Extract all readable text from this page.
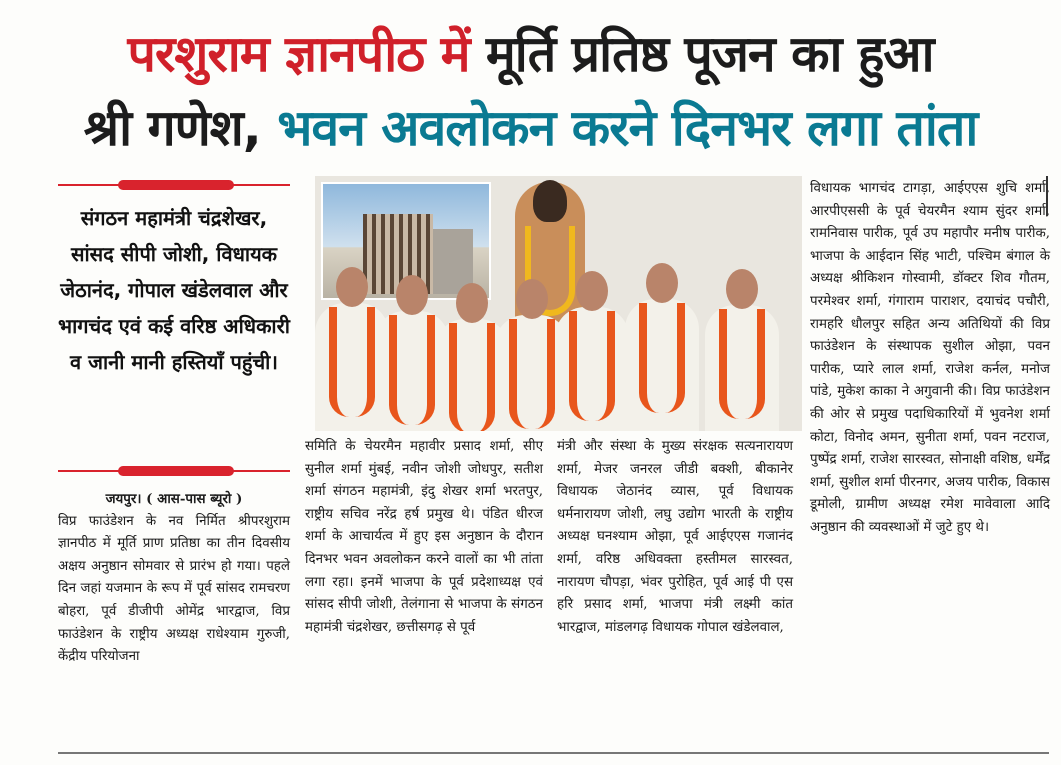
परशुराम ज्ञानपीठ में मूर्ति प्रतिष्ठ पूजन का हुआ
श्री गणेश, भवन अवलोकन करने दिनभर लगा तांता
संगठन महामंत्री चंद्रशेखर, सांसद सीपी जोशी, विधायक जेठानंद, गोपाल खंडेलवाल और भागचंद एवं कई वरिष्ठ अधिकारी व जानी मानी हस्तियाँ पहुंची।
जयपुर। ( आस-पास ब्यूरो )
विप्र फाउंडेशन के नव निर्मित श्रीपरशुराम ज्ञानपीठ में मूर्ति प्राण प्रतिष्ठा का तीन दिवसीय अक्षय अनुष्ठान सोमवार से प्रारंभ हो गया। पहले दिन जहां यजमान के रूप में पूर्व सांसद रामचरण बोहरा, पूर्व डीजीपी ओमेंद्र भारद्वाज, विप्र फाउंडेशन के राष्ट्रीय अध्यक्ष राधेश्याम गुरुजी, केंद्रीय परियोजना
समिति के चेयरमैन महावीर प्रसाद शर्मा, सीए सुनील शर्मा मुंबई, नवीन जोशी जोधपुर, सतीश शर्मा संगठन महामंत्री, इंदु शेखर शर्मा भरतपुर, राष्ट्रीय सचिव नरेंद्र हर्ष प्रमुख थे। पंडित धीरज शर्मा के आचार्यत्व में हुए इस अनुष्ठान के दौरान दिनभर भवन अवलोकन करने वालों का भी तांता लगा रहा। इनमें भाजपा के पूर्व प्रदेशाध्यक्ष एवं सांसद सीपी जोशी, तेलंगाना से भाजपा के संगठन महामंत्री चंद्रशेखर, छत्तीसगढ़ से पूर्व
मंत्री और संस्था के मुख्य संरक्षक सत्यनारायण शर्मा, मेजर जनरल जीडी बक्शी, बीकानेर विधायक जेठानंद व्यास, पूर्व विधायक धर्मनारायण जोशी, लघु उद्योग भारती के राष्ट्रीय अध्यक्ष घनश्याम ओझा, पूर्व आईएएस गजानंद शर्मा, वरिष्ठ अधिवक्ता हस्तीमल सारस्वत, नारायण चौपड़ा, भंवर पुरोहित, पूर्व आई पी एस हरि प्रसाद शर्मा, भाजपा मंत्री लक्ष्मी कांत भारद्वाज, मांडलगढ़ विधायक गोपाल खंडेलवाल,
विधायक भागचंद टागड़ा, आईएएस शुचि शर्मा, आरपीएससी के पूर्व चेयरमैन श्याम सुंदर शर्मा, रामनिवास पारीक, पूर्व उप महापौर मनीष पारीक, भाजपा के आईदान सिंह भाटी, पश्चिम बंगाल के अध्यक्ष श्रीकिशन गोस्वामी, डॉक्टर शिव गौतम, परमेश्वर शर्मा, गंगाराम पाराशर, दयाचंद पचौरी, रामहरि धौलपुर सहित अन्य अतिथियों की विप्र फाउंडेशन के संस्थापक सुशील ओझा, पवन पारीक, प्यारे लाल शर्मा, राजेश कर्नल, मनोज पांडे, मुकेश काका ने अगुवानी की। विप्र फाउंडेशन की ओर से प्रमुख पदाधिकारियों में भुवनेश शर्मा कोटा, विनोद अमन, सुनीता शर्मा, पवन नटराज, पुष्पेंद्र शर्मा, राजेश सारस्वत, सोनाक्षी वशिष्ठ, धर्मेंद्र शर्मा, सुशील शर्मा पीरनगर, अजय पारीक, विकास डूमोली, ग्रामीण अध्यक्ष रमेश मावेवाला आदि अनुष्ठान की व्यवस्थाओं में जुटे हुए थे।
